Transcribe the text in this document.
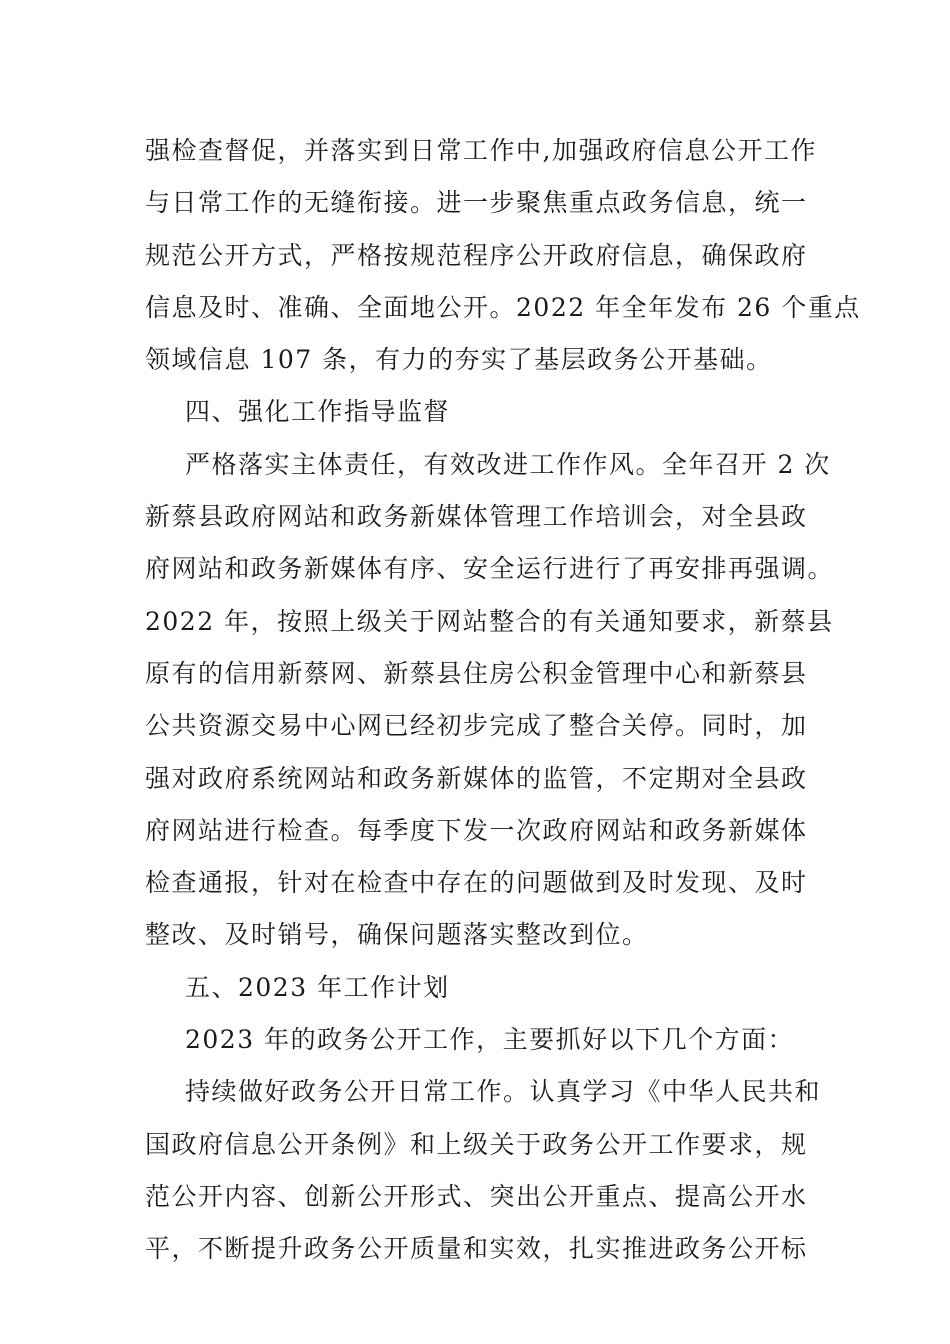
强检查督促，并落实到日常工作中,加强政府信息公开工作
与日常工作的无缝衔接。进一步聚焦重点政务信息，统一
规范公开方式，严格按规范程序公开政府信息，确保政府
信息及时、准确、全面地公开。2022 年全年发布 26 个重点
领域信息 107 条，有力的夯实了基层政务公开基础。
四、强化工作指导监督
严格落实主体责任，有效改进工作作风。全年召开 2 次
新蔡县政府网站和政务新媒体管理工作培训会，对全县政
府网站和政务新媒体有序、安全运行进行了再安排再强调。
2022 年，按照上级关于网站整合的有关通知要求，新蔡县
原有的信用新蔡网、新蔡县住房公积金管理中心和新蔡县
公共资源交易中心网已经初步完成了整合关停。同时，加
强对政府系统网站和政务新媒体的监管，不定期对全县政
府网站进行检查。每季度下发一次政府网站和政务新媒体
检查通报，针对在检查中存在的问题做到及时发现、及时
整改、及时销号，确保问题落实整改到位。
五、2023 年工作计划
2023 年的政务公开工作，主要抓好以下几个方面：
持续做好政务公开日常工作。认真学习《中华人民共和
国政府信息公开条例》和上级关于政务公开工作要求，规
范公开内容、创新公开形式、突出公开重点、提高公开水
平，不断提升政务公开质量和实效，扎实推进政务公开标
